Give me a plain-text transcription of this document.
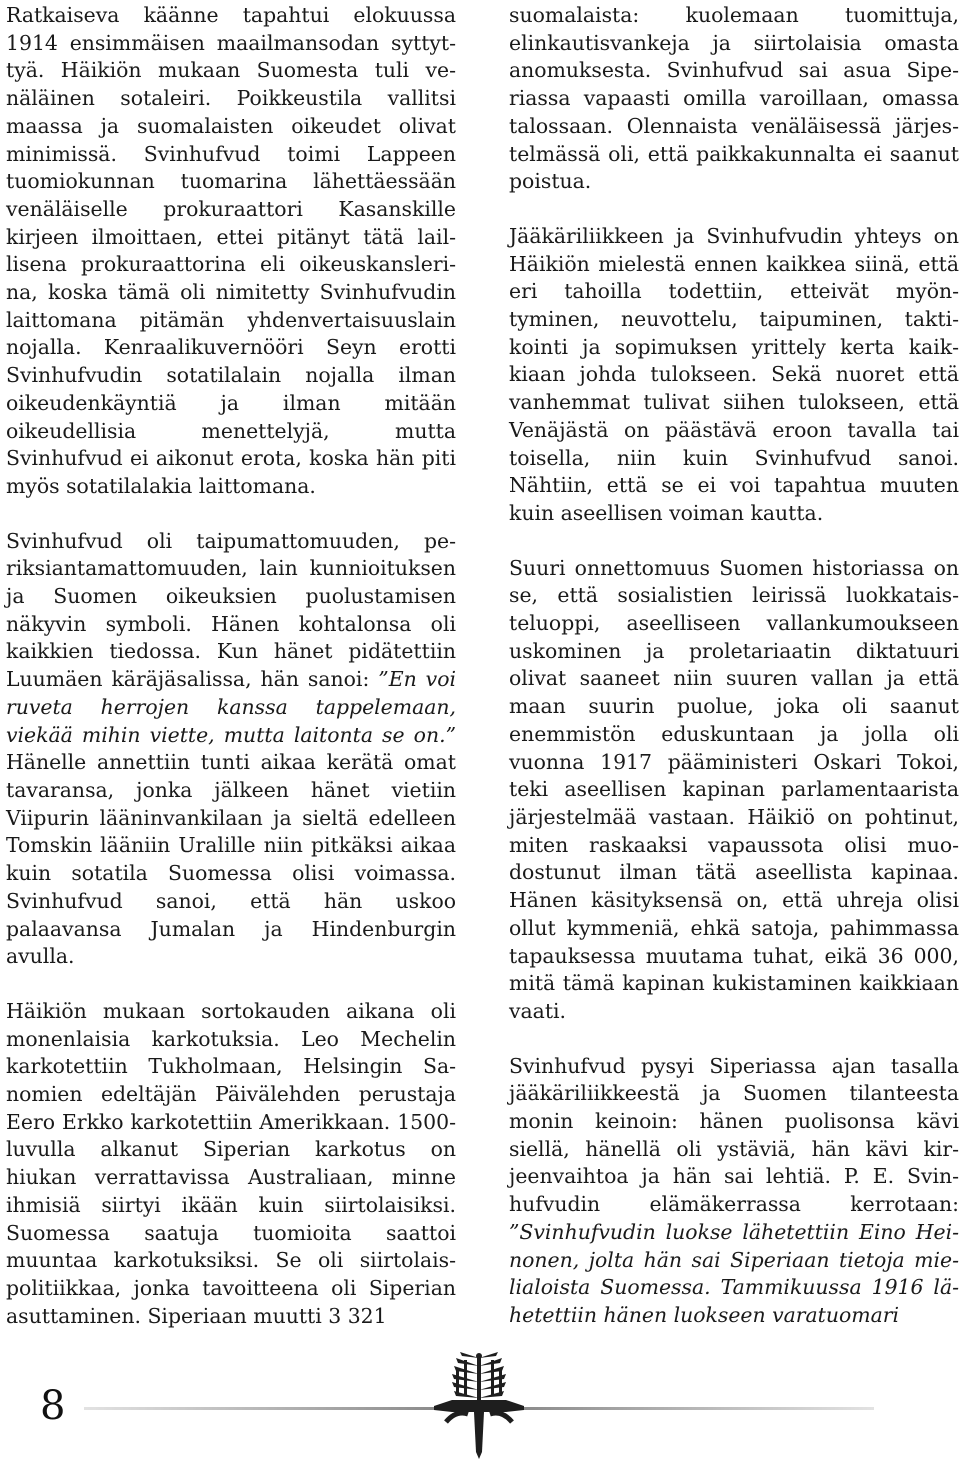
Ratkaiseva käänne tapahtui elokuussa 1914 ensimmäisen maailmansodan syttyttyä. Häikiön mukaan Suomesta tuli venäläinen sotaleiri. Poikkeustila vallitsi maassa ja suomalaisten oikeudet olivat minimissä. Svinhufvud toimi Lappeen tuomiokunnan tuomarina lähettäessään venäläiselle prokuraattori Kasanskille kirjeen ilmoittaen, ettei pitänyt tätä laillisena prokuraattorina eli oikeuskanslerina, koska tämä oli nimitetty Svinhufvudin laittomana pitämän yhdenvertaisuuslain nojalla. Kenraalikuvernööri Seyn erotti Svinhufvudin sotatilalain nojalla ilman oikeudenkäyntiä ja ilman mitään oikeudellisia menettelyjä, mutta Svinhufvud ei aikonut erota, koska hän piti myös sotatilalakia laittomana.

Svinhufvud oli taipumattomuuden, periksiantamattomuuden, lain kunnioituksen ja Suomen oikeuksien puolustamisen näkyvin symboli. Hänen kohtalonsa oli kaikkien tiedossa. Kun hänet pidätettiin Luumäen käräjäsalissa, hän sanoi: ”En voi ruveta herrojen kanssa tappelemaan, viekää mihin viette, mutta laitonta se on.” Hänelle annettiin tunti aikaa kerätä omat tavaransa, jonka jälkeen hänet vietiin Viipurin lääninvankilaan ja sieltä edelleen Tomskin lääniin Uralille niin pitkäksi aikaa kuin sotatila Suomessa olisi voimassa. Svinhufvud sanoi, että hän uskoo palaavansa Jumalan ja Hindenburgin avulla.

Häikiön mukaan sortokauden aikana oli monenlaisia karkotuksia. Leo Mechelin karkotettiin Tukholmaan, Helsingin Sanomien edeltäjän Päivälehden perustaja Eero Erkko karkotettiin Amerikkaan. 1500-luvulla alkanut Siperian karkotus on hiukan verrattavissa Australiaan, minne ihmisiä siirtyi ikään kuin siirtolaisiksi. Suomessa saatuja tuomioita saattoi muuntaa karkotuksiksi. Se oli siirtolaispolitiikkaa, jonka tavoitteena oli Siperian asuttaminen. Siperiaan muutti 3 321

suomalaista: kuolemaan tuomittuja, elinkautisvankeja ja siirtolaisia omasta anomuksesta. Svinhufvud sai asua Siperiassa vapaasti omilla varoillaan, omassa talossaan. Olennaista venäläisessä järjestelmässä oli, että paikkakunnalta ei saanut poistua.

Jääkäriliikkeen ja Svinhufvudin yhteys on Häikiön mielestä ennen kaikkea siinä, että eri tahoilla todettiin, etteivät myöntyminen, neuvottelu, taipuminen, taktikointi ja sopimuksen yrittely kerta kaikkiaan johda tulokseen. Sekä nuoret että vanhemmat tulivat siihen tulokseen, että Venäjästä on päästävä eroon tavalla tai toisella, niin kuin Svinhufvud sanoi. Nähtiin, että se ei voi tapahtua muuten kuin aseellisen voiman kautta.

Suuri onnettomuus Suomen historiassa on se, että sosialistien leirissä luokkataisteluoppi, aseelliseen vallankumoukseen uskominen ja proletariaatin diktatuuri olivat saaneet niin suuren vallan ja että maan suurin puolue, joka oli saanut enemmistön eduskuntaan ja jolla oli vuonna 1917 pääministeri Oskari Tokoi, teki aseellisen kapinan parlamentaarista järjestelmää vastaan. Häikiö on pohtinut, miten raskaaksi vapaussota olisi muodostunut ilman tätä aseellista kapinaa. Hänen käsityksensä on, että uhreja olisi ollut kymmeniä, ehkä satoja, pahimmassa tapauksessa muutama tuhat, eikä 36 000, mitä tämä kapinan kukistaminen kaikkiaan vaati.

Svinhufvud pysyi Siperiassa ajan tasalla jääkäriliikkeestä ja Suomen tilanteesta monin keinoin: hänen puolisonsa kävi siellä, hänellä oli ystäviä, hän kävi kirjeenvaihtoa ja hän sai lehtiä. P. E. Svinhufvudin elämäkerrassa kerrotaan: ”Svinhufvudin luokse lähetettiin Eino Heinonen, jolta hän sai Siperiaan tietoja mielialoista Suomessa. Tammikuussa 1916 lähetettiin hänen luokseen varatuomari

8
